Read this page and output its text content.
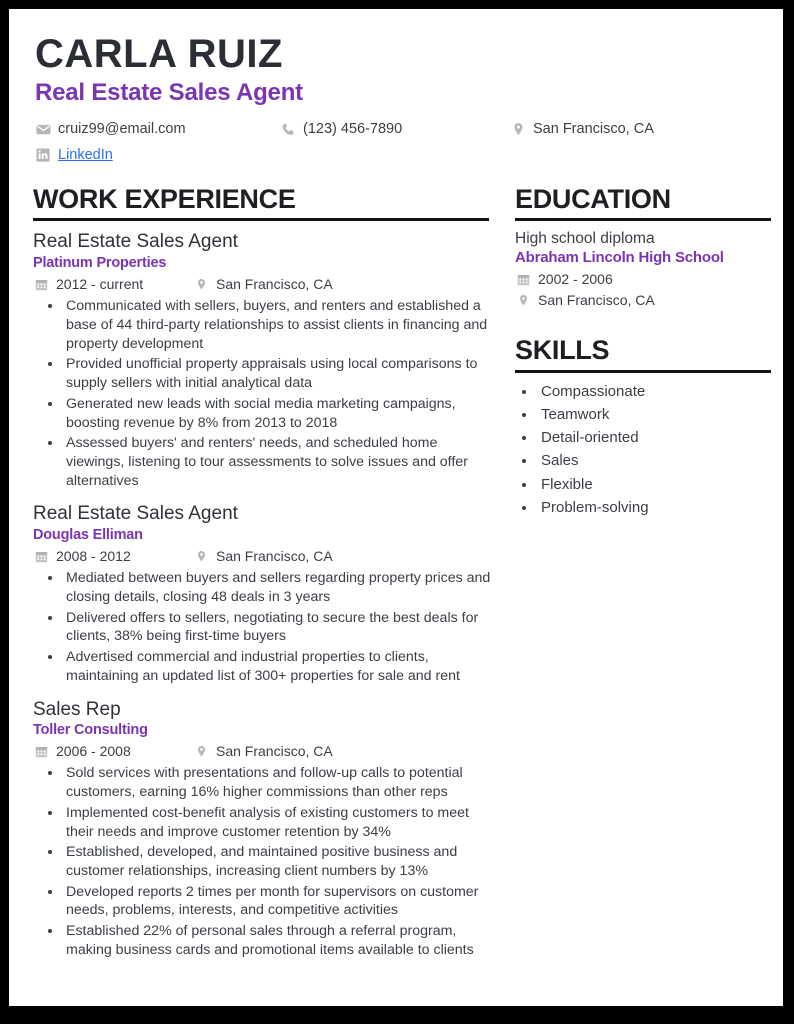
CARLA RUIZ
Real Estate Sales Agent
cruiz99@email.com	(123) 456-7890	San Francisco, CA
LinkedIn
WORK EXPERIENCE
Real Estate Sales Agent
Platinum Properties
2012 - current	San Francisco, CA
• Communicated with sellers, buyers, and renters and established a base of 44 third-party relationships to assist clients in financing and property development
• Provided unofficial property appraisals using local comparisons to supply sellers with initial analytical data
• Generated new leads with social media marketing campaigns, boosting revenue by 8% from 2013 to 2018
• Assessed buyers' and renters' needs, and scheduled home viewings, listening to tour assessments to solve issues and offer alternatives
Real Estate Sales Agent
Douglas Elliman
2008 - 2012	San Francisco, CA
• Mediated between buyers and sellers regarding property prices and closing details, closing 48 deals in 3 years
• Delivered offers to sellers, negotiating to secure the best deals for clients, 38% being first-time buyers
• Advertised commercial and industrial properties to clients, maintaining an updated list of 300+ properties for sale and rent
Sales Rep
Toller Consulting
2006 - 2008	San Francisco, CA
• Sold services with presentations and follow-up calls to potential customers, earning 16% higher commissions than other reps
• Implemented cost-benefit analysis of existing customers to meet their needs and improve customer retention by 34%
• Established, developed, and maintained positive business and customer relationships, increasing client numbers by 13%
• Developed reports 2 times per month for supervisors on customer needs, problems, interests, and competitive activities
• Established 22% of personal sales through a referral program, making business cards and promotional items available to clients
EDUCATION
High school diploma
Abraham Lincoln High School
2002 - 2006
San Francisco, CA
SKILLS
• Compassionate
• Teamwork
• Detail-oriented
• Sales
• Flexible
• Problem-solving
